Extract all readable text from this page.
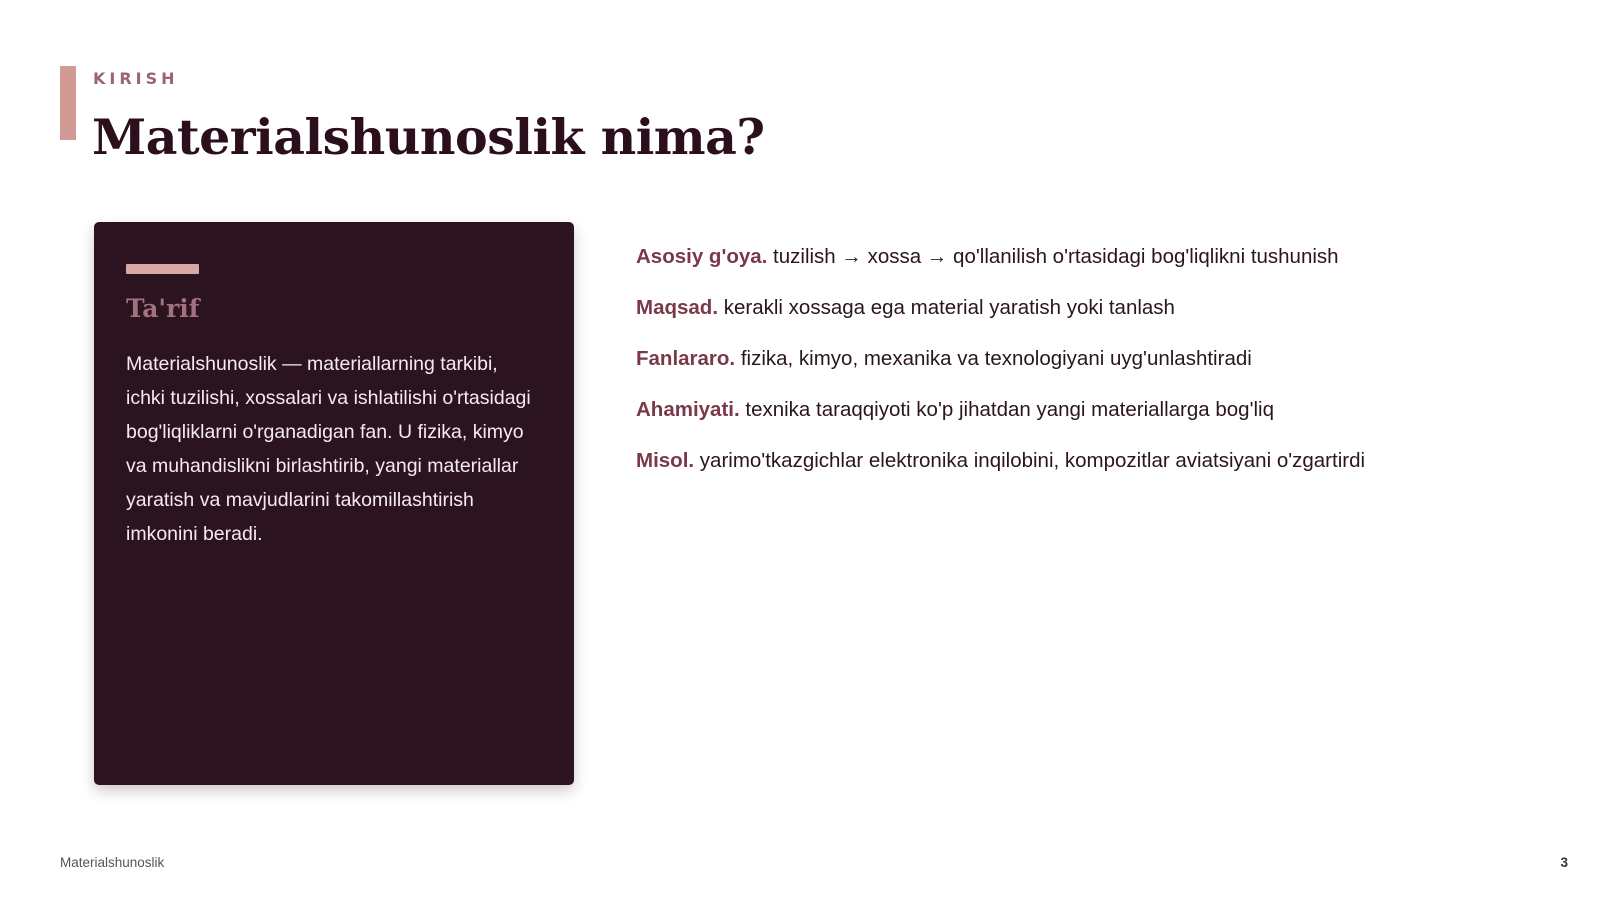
KIRISH
Materialshunoslik nima?
Ta'rif
Materialshunoslik — materiallarning tarkibi, ichki tuzilishi, xossalari va ishlatilishi o'rtasidagi bog'liqliklarni o'rganadigan fan. U fizika, kimyo va muhandislikni birlashtirib, yangi materiallar yaratish va mavjudlarini takomillashtirish imkonini beradi.
Asosiy g'oya. tuzilish → xossa → qo'llanilish o'rtasidagi bog'liqlikni tushunish
Maqsad. kerakli xossaga ega material yaratish yoki tanlash
Fanlararo. fizika, kimyo, mexanika va texnologiyani uyg'unlashtiradi
Ahamiyati. texnika taraqqiyoti ko'p jihatdan yangi materiallarga bog'liq
Misol. yarimo'tkazgichlar elektronika inqilobini, kompozitlar aviatsiyani o'zgartirdi
Materialshunoslik	3
